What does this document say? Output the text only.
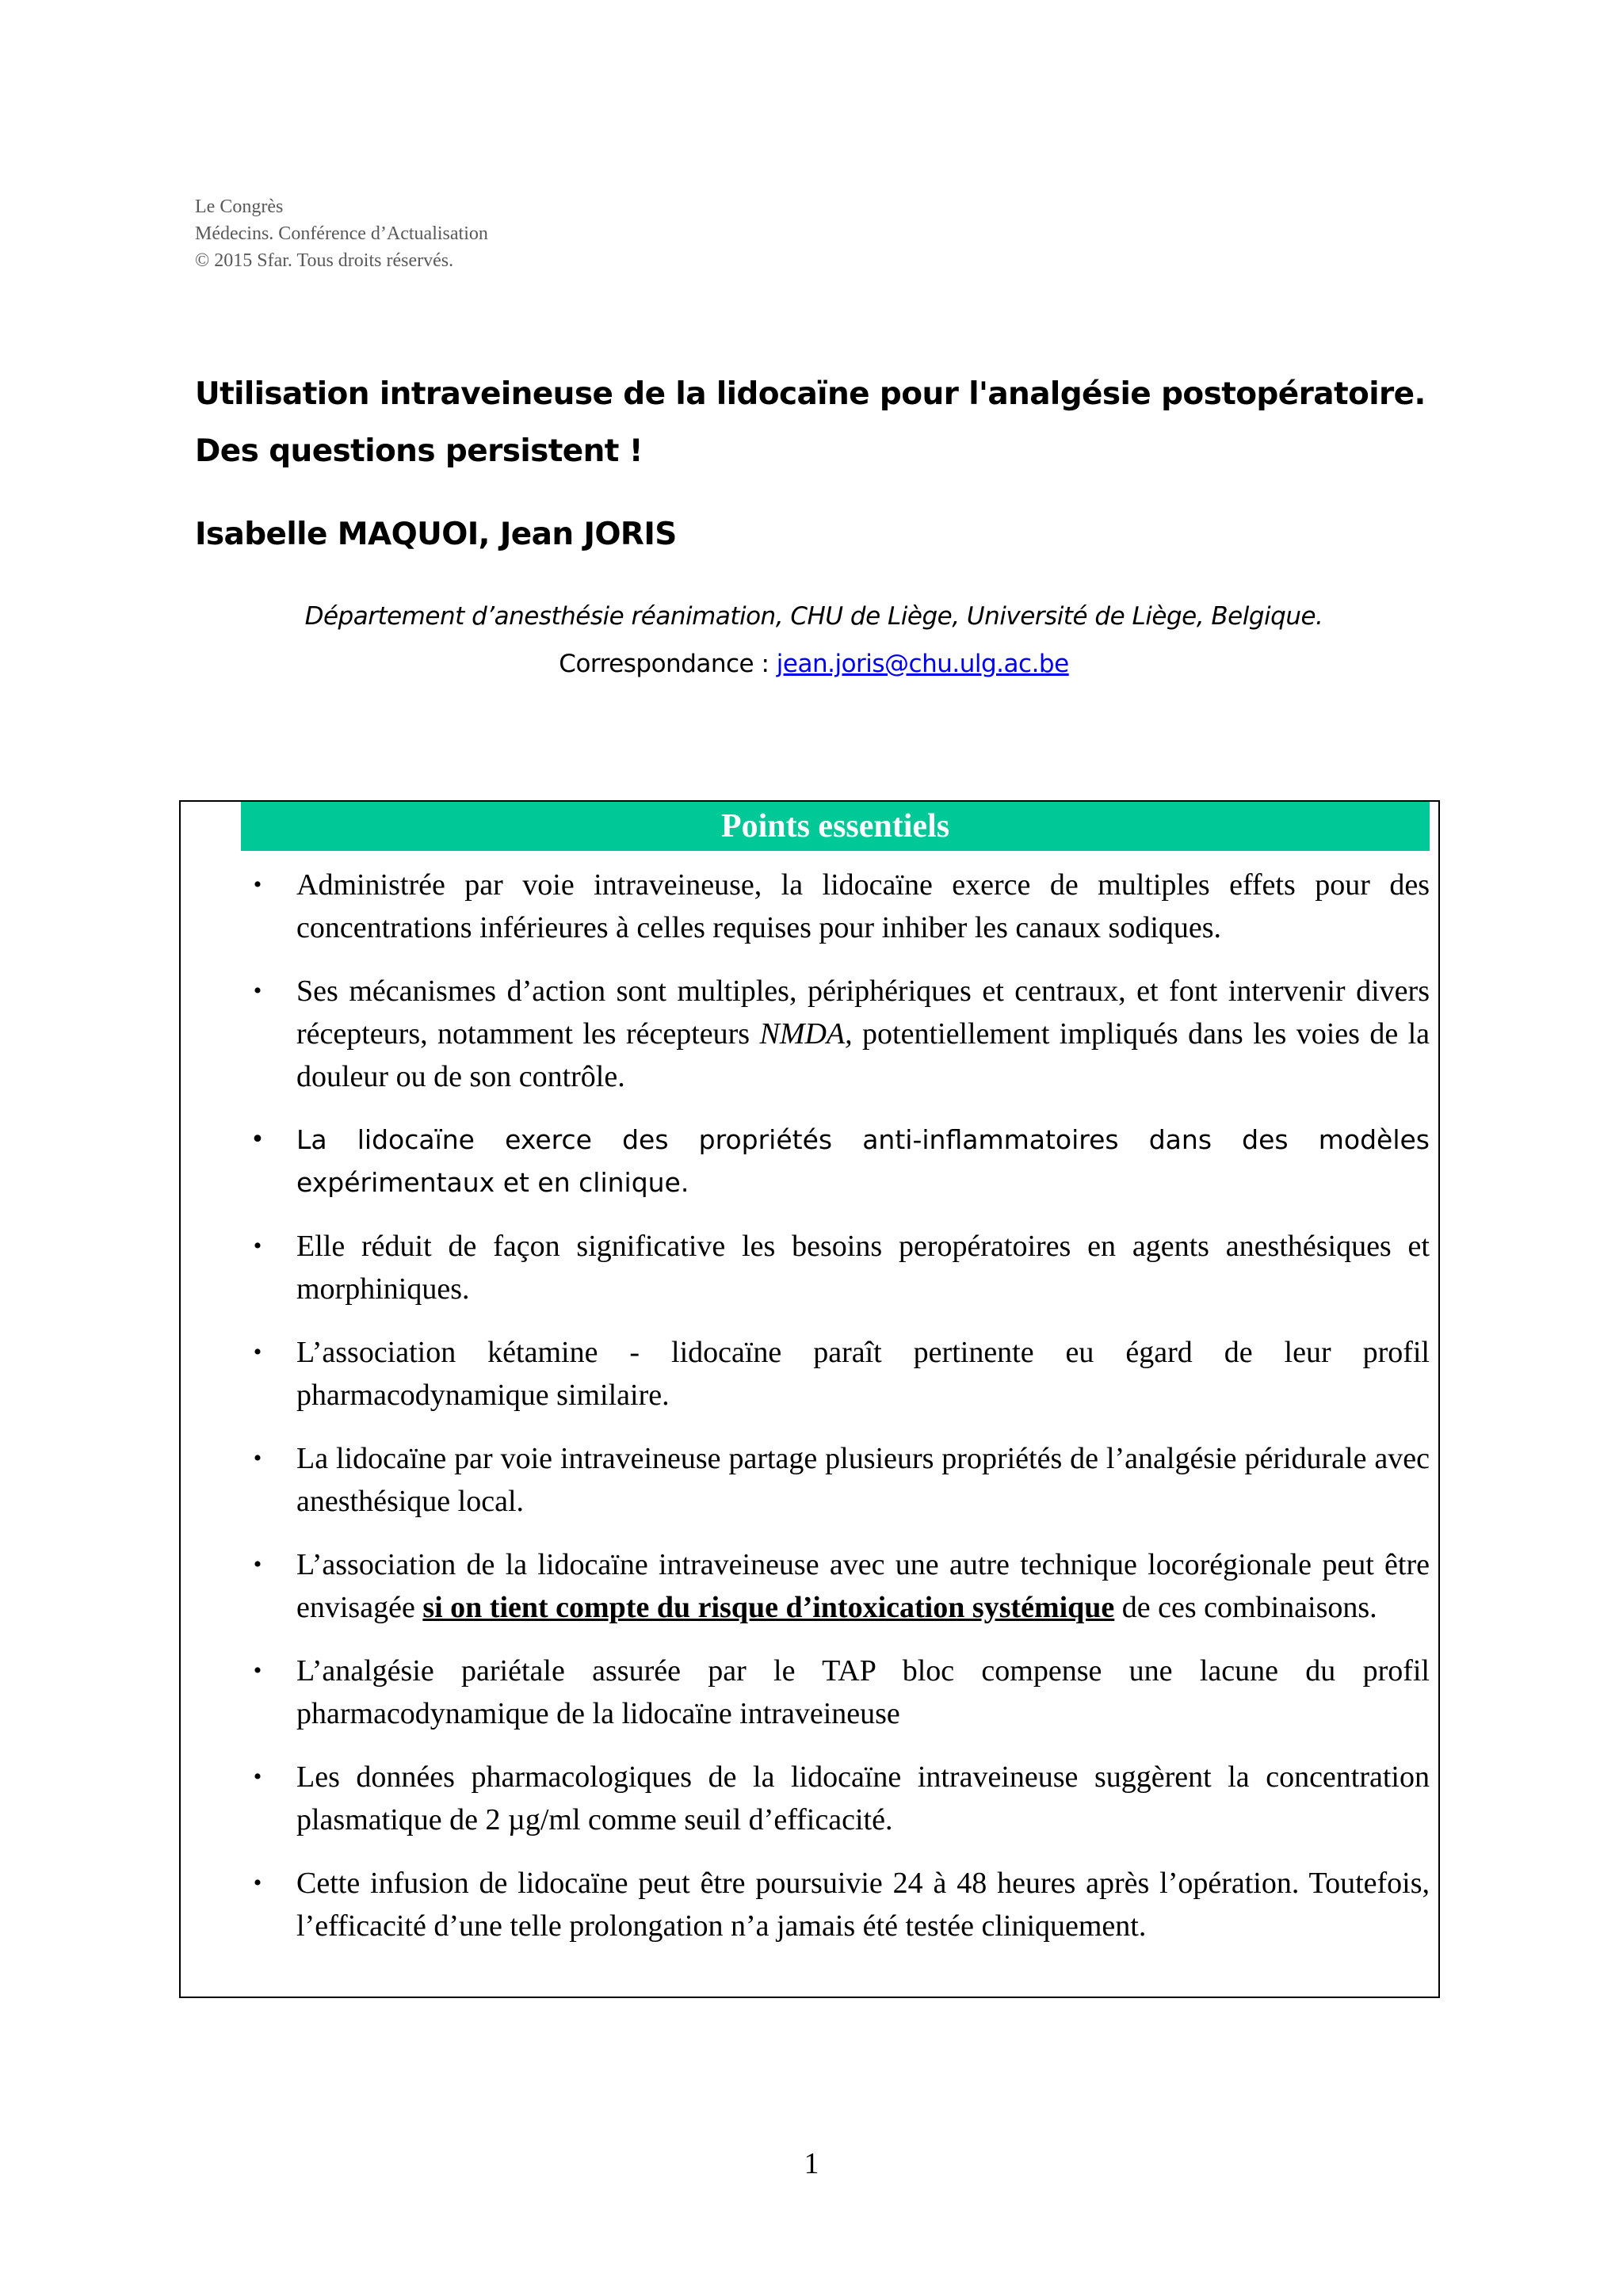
Le Congrès
Médecins. Conférence d’Actualisation
© 2015 Sfar. Tous droits réservés.
Utilisation intraveineuse de la lidocaïne pour l'analgésie postopératoire.
Des questions persistent !
Isabelle MAQUOI, Jean JORIS
Département d’anesthésie réanimation, CHU de Liège, Université de Liège, Belgique.
Correspondance : jean.joris@chu.ulg.ac.be
Points essentiels
• Administrée par voie intraveineuse, la lidocaïne exerce de multiples effets pour des concentrations inférieures à celles requises pour inhiber les canaux sodiques.
• Ses mécanismes d’action sont multiples, périphériques et centraux, et font intervenir divers récepteurs, notamment les récepteurs NMDA, potentiellement impliqués dans les voies de la douleur ou de son contrôle.
• La lidocaïne exerce des propriétés anti-inflammatoires dans des modèles expérimentaux et en clinique.
• Elle réduit de façon significative les besoins peropératoires en agents anesthésiques et morphiniques.
• L’association kétamine - lidocaïne paraît pertinente eu égard de leur profil pharmacodynamique similaire.
• La lidocaïne par voie intraveineuse partage plusieurs propriétés de l’analgésie péridurale avec anesthésique local.
• L’association de la lidocaïne intraveineuse avec une autre technique locorégionale peut être envisagée si on tient compte du risque d’intoxication systémique de ces combinaisons.
• L’analgésie pariétale assurée par le TAP bloc compense une lacune du profil pharmacodynamique de la lidocaïne intraveineuse
• Les données pharmacologiques de la lidocaïne intraveineuse suggèrent la concentration plasmatique de 2 µg/ml comme seuil d’efficacité.
• Cette infusion de lidocaïne peut être poursuivie 24 à 48 heures après l’opération. Toutefois, l’efficacité d’une telle prolongation n’a jamais été testée cliniquement.
1
